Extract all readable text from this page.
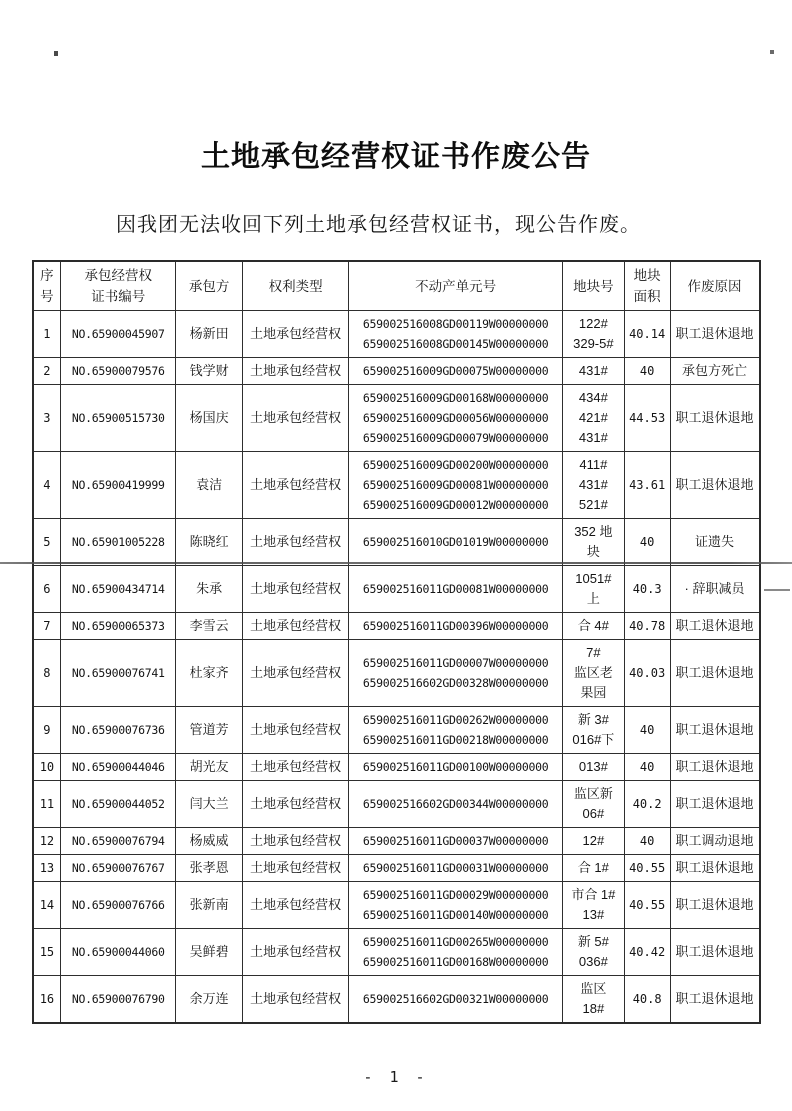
土地承包经营权证书作废公告

因我团无法收回下列土地承包经营权证书，现公告作废。

序
号	承包经营权
证书编号	承包方	权利类型	不动产单元号	地块号	地块
面积	作废原因
1	NO.65900045907	杨新田	土地承包经营权	659002516008GD00119W00000000
659002516008GD00145W00000000	122#
329-5#	40.14	职工退休退地
2	NO.65900079576	钱学财	土地承包经营权	659002516009GD00075W00000000	431#	40	承包方死亡
3	NO.65900515730	杨国庆	土地承包经营权	659002516009GD00168W00000000
659002516009GD00056W00000000
659002516009GD00079W00000000	434#
421#
431#	44.53	职工退休退地
4	NO.65900419999	袁洁	土地承包经营权	659002516009GD00200W00000000
659002516009GD00081W00000000
659002516009GD00012W00000000	411#
431#
521#	43.61	职工退休退地
5	NO.65901005228	陈晓红	土地承包经营权	659002516010GD01019W00000000	352 地
块	40	证遗失
6	NO.65900434714	朱承	土地承包经营权	659002516011GD00081W00000000	1051#
上	40.3	· 辞职减员
7	NO.65900065373	李雪云	土地承包经营权	659002516011GD00396W00000000	合 4#	40.78	职工退休退地
8	NO.65900076741	杜家齐	土地承包经营权	659002516011GD00007W00000000
659002516602GD00328W00000000	7#
监区老
果园	40.03	职工退休退地
9	NO.65900076736	管道芳	土地承包经营权	659002516011GD00262W00000000
659002516011GD00218W00000000	新 3#
016#下	40	职工退休退地
10	NO.65900044046	胡光友	土地承包经营权	659002516011GD00100W00000000	013#	40	职工退休退地
11	NO.65900044052	闫大兰	土地承包经营权	659002516602GD00344W00000000	监区新
06#	40.2	职工退休退地
12	NO.65900076794	杨威威	土地承包经营权	659002516011GD00037W00000000	12#	40	职工调动退地
13	NO.65900076767	张孝恩	土地承包经营权	659002516011GD00031W00000000	合 1#	40.55	职工退休退地
14	NO.65900076766	张新南	土地承包经营权	659002516011GD00029W00000000
659002516011GD00140W00000000	市合 1#
13#	40.55	职工退休退地
15	NO.65900044060	吴鲜碧	土地承包经营权	659002516011GD00265W00000000
659002516011GD00168W00000000	新 5#
036#	40.42	职工退休退地
16	NO.65900076790	余万连	土地承包经营权	659002516602GD00321W00000000	监区
18#	40.8	职工退休退地
- 1 -
